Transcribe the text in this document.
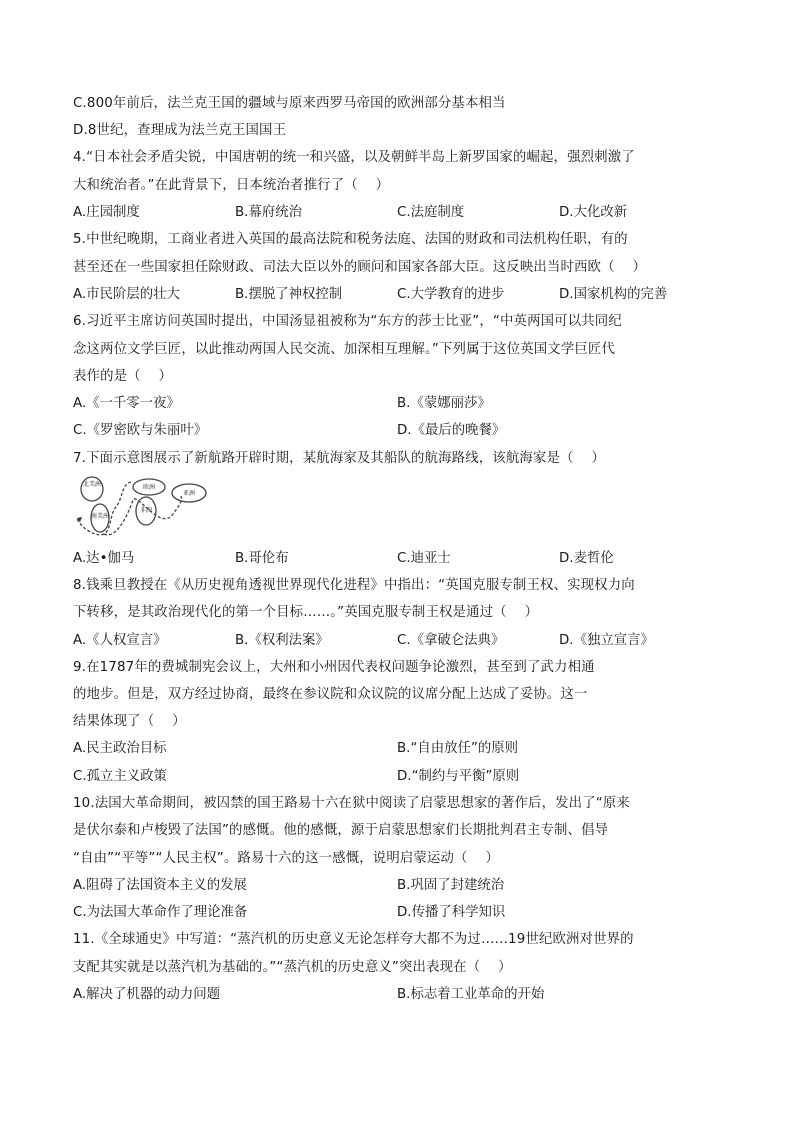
C.800年前后，法兰克王国的疆域与原来西罗马帝国的欧洲部分基本相当
D.8世纪，查理成为法兰克王国国王
4.“日本社会矛盾尖锐，中国唐朝的统一和兴盛，以及朝鲜半岛上新罗国家的崛起，强烈刺激了
大和统治者。”在此背景下，日本统治者推行了（　 ）
A.庄园制度	B.幕府统治	C.法庭制度	D.大化改新
5.中世纪晚期，工商业者进入英国的最高法院和税务法庭、法国的财政和司法机构任职，有的
甚至还在一些国家担任除财政、司法大臣以外的顾问和国家各部大臣。这反映出当时西欧（　 ）
A.市民阶层的壮大	B.摆脱了神权控制	C.大学教育的进步	D.国家机构的完善
6.习近平主席访问英国时提出，中国汤显祖被称为“东方的莎士比亚”，“中英两国可以共同纪
念这两位文学巨匠，以此推动两国人民交流、加深相互理解。”下列属于这位英国文学巨匠代
表作的是（　 ）
A.《一千零一夜》	B.《蒙娜丽莎》
C.《罗密欧与朱丽叶》	D.《最后的晚餐》
7.下面示意图展示了新航路开辟时期，某航海家及其船队的航海路线，该航海家是（　 ）
北美洲
南美洲
欧洲
非洲
亚洲
A.达•伽马	B.哥伦布	C.迪亚士	D.麦哲伦
8.钱乘旦教授在《从历史视角透视世界现代化进程》中指出：“英国克服专制王权、实现权力向
下转移，是其政治现代化的第一个目标……。”英国克服专制王权是通过（　 ）
A.《人权宣言》	B.《权利法案》	C.《拿破仑法典》	D.《独立宣言》
9.在1787年的费城制宪会议上，大州和小州因代表权问题争论激烈，甚至到了武力相通
的地步。但是，双方经过协商，最终在参议院和众议院的议席分配上达成了妥协。这一
结果体现了（　 ）
A.民主政治目标	B.“自由放任”的原则
C.孤立主义政策	D.“制约与平衡”原则
10.法国大革命期间，被囚禁的国王路易十六在狱中阅读了启蒙思想家的著作后，发出了“原来
是伏尔泰和卢梭毁了法国”的感慨。他的感慨，源于启蒙思想家们长期批判君主专制、倡导
“自由”“平等”“人民主权”。路易十六的这一感慨，说明启蒙运动（　 ）
A.阻碍了法国资本主义的发展	B.巩固了封建统治
C.为法国大革命作了理论准备	D.传播了科学知识
11.《全球通史》中写道：“蒸汽机的历史意义无论怎样夸大都不为过……19世纪欧洲对世界的
支配其实就是以蒸汽机为基础的。”“蒸汽机的历史意义”突出表现在（　 ）
A.解决了机器的动力问题	B.标志着工业革命的开始
